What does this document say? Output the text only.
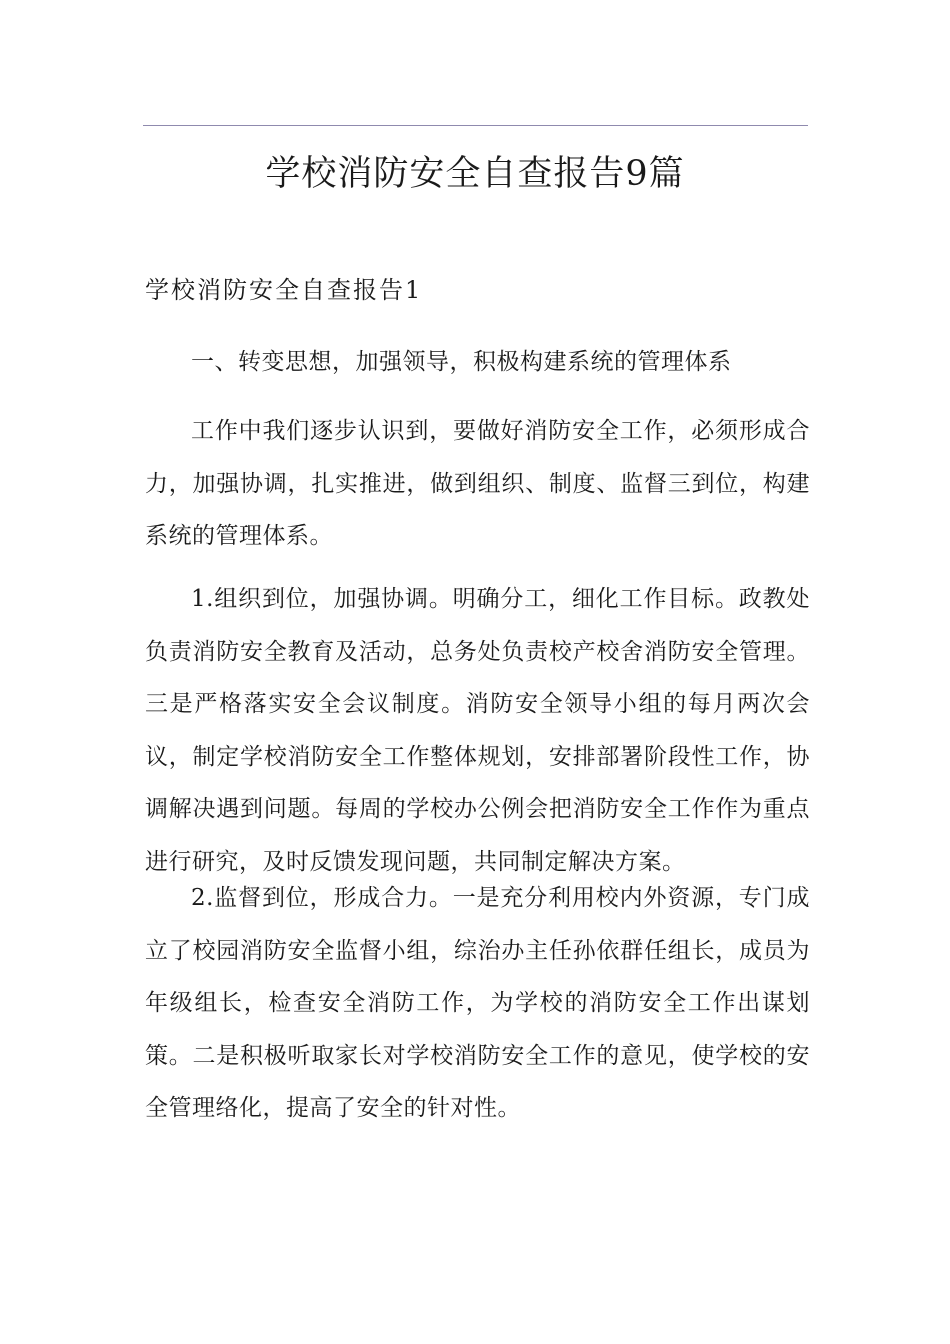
学校消防安全自查报告9篇
学校消防安全自查报告1

一、转变思想，加强领导，积极构建系统的管理体系

工作中我们逐步认识到，要做好消防安全工作，必须形成合力，加强协调，扎实推进，做到组织、制度、监督三到位，构建系统的管理体系。

1.组织到位，加强协调。明确分工，细化工作目标。政教处负责消防安全教育及活动，总务处负责校产校舍消防安全管理。三是严格落实安全会议制度。消防安全领导小组的每月两次会议，制定学校消防安全工作整体规划，安排部署阶段性工作，协调解决遇到问题。每周的学校办公例会把消防安全工作作为重点进行研究，及时反馈发现问题，共同制定解决方案。

2.监督到位，形成合力。一是充分利用校内外资源，专门成立了校园消防安全监督小组，综治办主任孙依群任组长，成员为年级组长，检查安全消防工作，为学校的消防安全工作出谋划策。二是积极听取家长对学校消防安全工作的意见，使学校的安全管理络化，提高了安全的针对性。
